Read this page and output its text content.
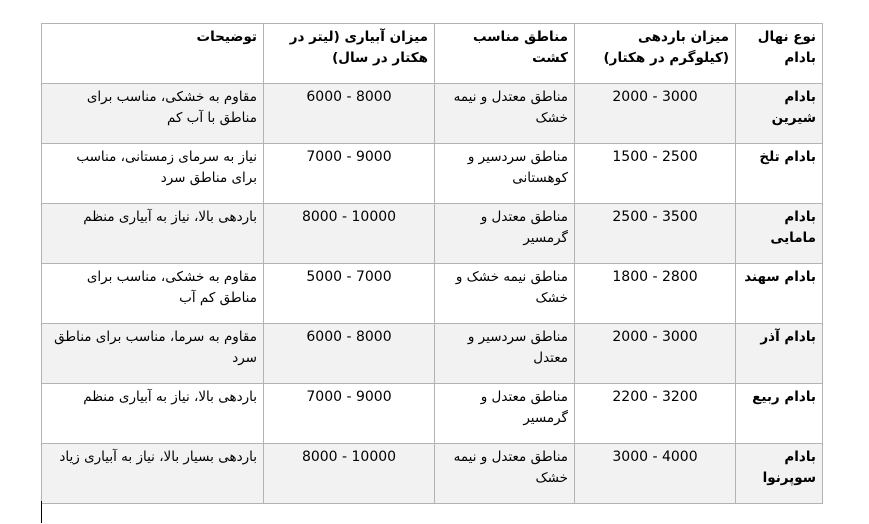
نوع نهال بادام	میزان باردهی (کیلوگرم در هکتار)	مناطق مناسب کشت	میزان آبیاری (لیتر در هکتار در سال)	توضیحات
بادام شیرین	2000 - 3000	مناطق معتدل و نیمه خشک	6000 - 8000	مقاوم به خشکی، مناسب برای مناطق با آب کم
بادام تلخ	1500 - 2500	مناطق سردسیر و کوهستانی	7000 - 9000	نیاز به سرمای زمستانی، مناسب برای مناطق سرد
بادام مامایی	2500 - 3500	مناطق معتدل و گرمسیر	8000 - 10000	باردهی بالا، نیاز به آبیاری منظم
بادام سهند	1800 - 2800	مناطق نیمه خشک و خشک	5000 - 7000	مقاوم به خشکی، مناسب برای مناطق کم آب
بادام آذر	2000 - 3000	مناطق سردسیر و معتدل	6000 - 8000	مقاوم به سرما، مناسب برای مناطق سرد
بادام ربیع	2200 - 3200	مناطق معتدل و گرمسیر	7000 - 9000	باردهی بالا، نیاز به آبیاری منظم
بادام سوپرنوا	3000 - 4000	مناطق معتدل و نیمه خشک	8000 - 10000	باردهی بسیار بالا، نیاز به آبیاری زیاد
